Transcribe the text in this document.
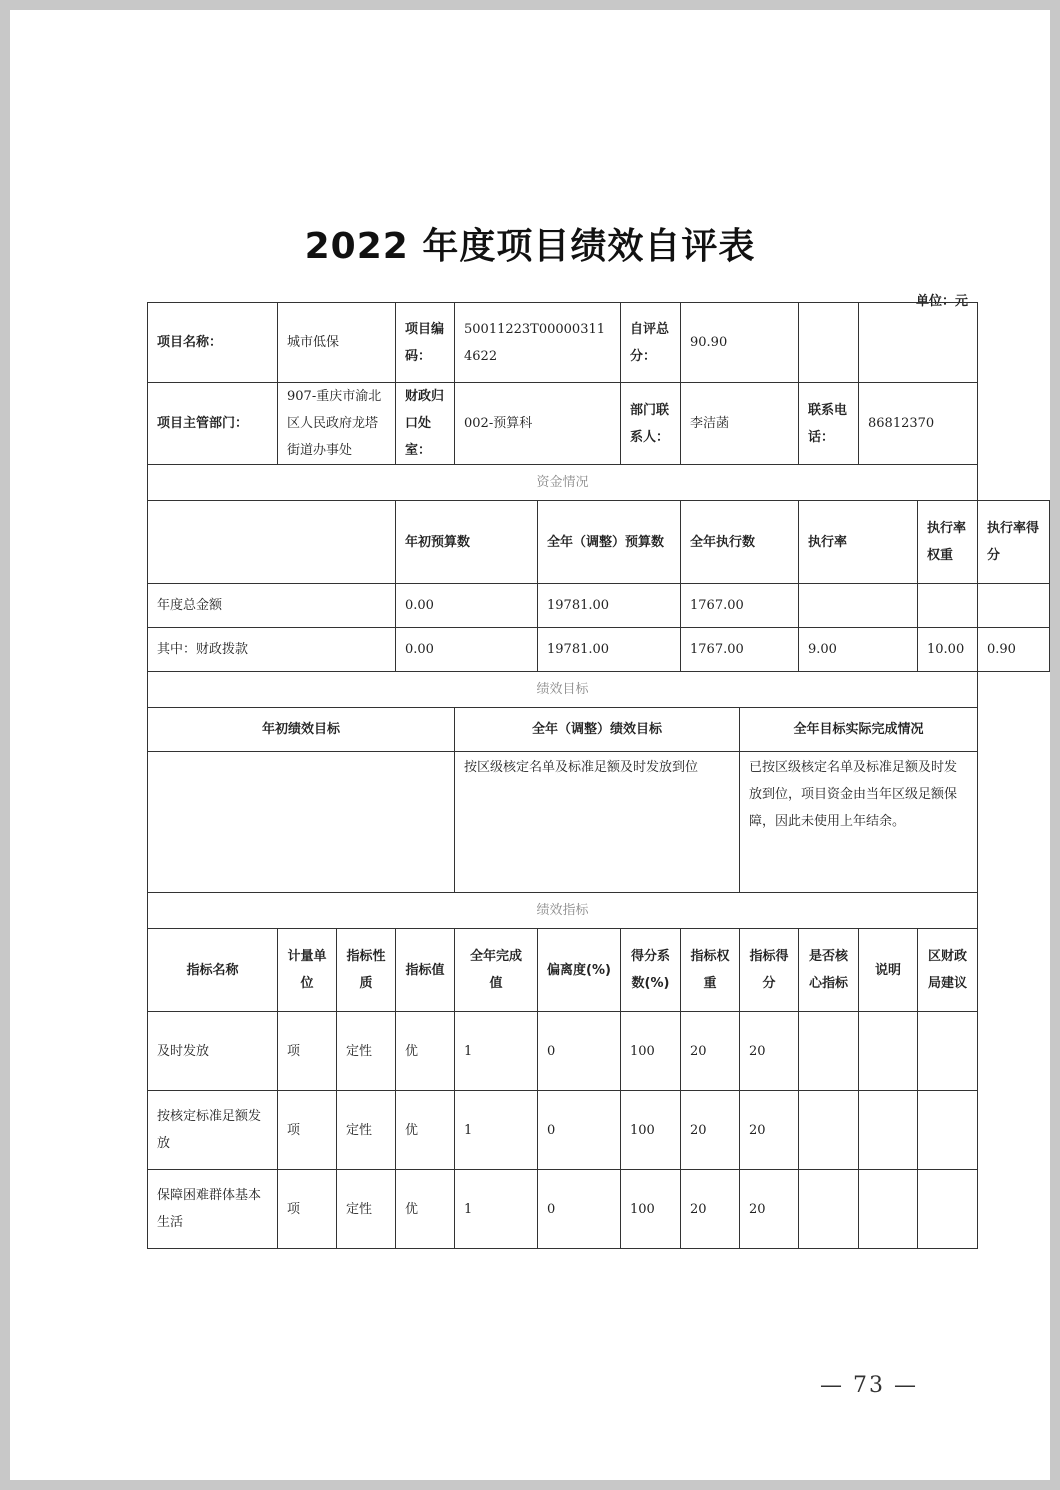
2022 年度项目绩效自评表
单位：元
项目名称：	城市低保		项目编码：	50011223T000003114622		自评总分：	90.90					
项目主管部门：	907-重庆市渝北区人民政府龙塔街道办事处		财政归口处室：	002-预算科		部门联系人：	李洁菡		联系电话：	86812370		
资金情况												
			年初预算数		全年（调整）预算数		全年执行数		执行率		执行率权重	执行率得分
年度总金额			0.00		19781.00		1767.00					
其中：财政拨款			0.00		19781.00		1767.00		9.00		10.00	0.90
绩效目标												
年初绩效目标				全年（调整）绩效目标				全年目标实际完成情况				
				按区级核定名单及标准足额及时发放到位				已按区级核定名单及标准足额及时发放到位，项目资金由当年区级足额保障，因此未使用上年结余。				
绩效指标												
指标名称	计量单位	指标性质	指标值	全年完成值	偏离度(%)	得分系数(%)	指标权重	指标得分	是否核心指标	说明	区财政局建议	
及时发放	项	定性	优	1	0	100	20	20				
按核定标准足额发放	项	定性	优	1	0	100	20	20				
保障困难群体基本生活	项	定性	优	1	0	100	20	20				
— 73 —
